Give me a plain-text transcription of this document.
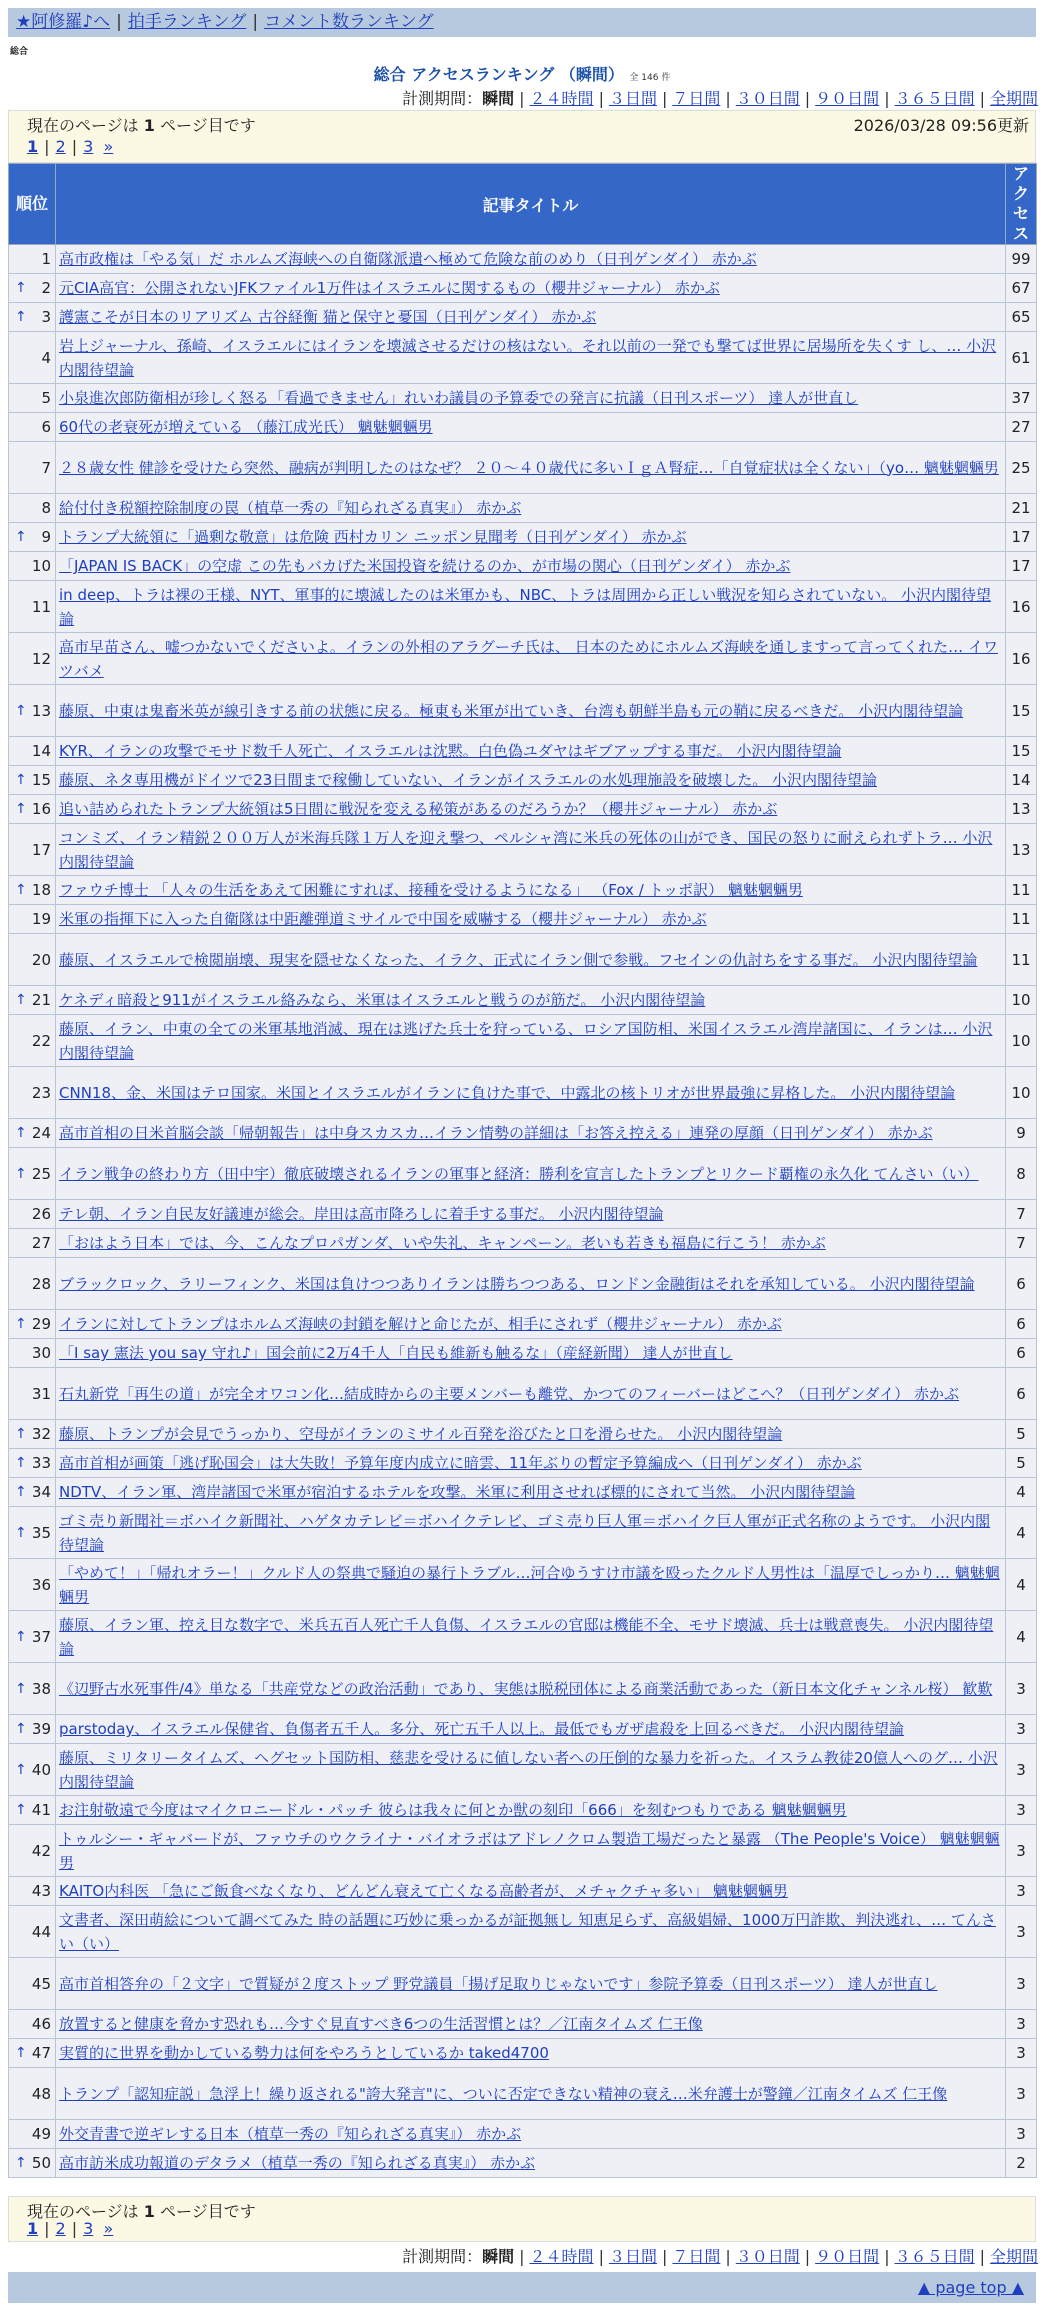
★阿修羅♪へ | 拍手ランキング | コメント数ランキング
総合
総合 アクセスランキング （瞬間） 全 146 件
計測期間：瞬間 | ２４時間 | ３日間 | ７日間 | ３０日間 | ９０日間 | ３６５日間 | 全期間
現在のページは 1 ページ目です	2026/03/28 09:56更新
1 | 2 | 3 »
順位	記事タイトル	アクセス
1	高市政権は「やる気」だ ホルムズ海峡への自衛隊派遣へ極めて危険な前のめり（日刊ゲンダイ） 赤かぶ	99

↑ 2	元CIA高官：公開されないJFKファイル1万件はイスラエルに関するもの（櫻井ジャーナル） 赤かぶ	67

↑ 3	護憲こそが日本のリアリズム 古谷経衡 猫と保守と憂国（日刊ゲンダイ） 赤かぶ	65
4	岩上ジャーナル、孫崎、イスラエルにはイランを壊滅させるだけの核はない。それ以前の一発でも撃てば世界に居場所を失くす し、… 小沢内閣待望論	61
5	小泉進次郎防衛相が珍しく怒る「看過できません」れいわ議員の予算委での発言に抗議（日刊スポーツ） 達人が世直し	37
6	60代の老衰死が増えている （藤江成光氏） 魑魅魍魎男	27
7	２８歳女性 健診を受けたら突然、融病が判明したのはなぜ？ ２０～４０歳代に多いＩｇＡ腎症…「自覚症状は全くない」（yo… 魑魅魍魎男	25
8	給付付き税額控除制度の罠（植草一秀の『知られざる真実』） 赤かぶ	21

↑ 9	トランプ大統領に「過剰な敬意」は危険 西村カリン ニッポン見聞考（日刊ゲンダイ） 赤かぶ	17
10	「JAPAN IS BACK」の空虚 この先もバカげた米国投資を続けるのか、が市場の関心（日刊ゲンダイ） 赤かぶ	17
11	in deep、トラは裸の王様、NYT、軍事的に壊滅したのは米軍かも、NBC、トラは周囲から正しい戦況を知らされていない。 小沢内閣待望論	16
12	高市早苗さん、嘘つかないでくださいよ。イランの外相のアラグーチ氏は、 日本のためにホルムズ海峡を通しますって言ってくれた… イワツバメ	16

↑ 13	藤原、中東は鬼畜米英が線引きする前の状態に戻る。極東も米軍が出ていき、台湾も朝鮮半島も元の鞘に戻るべきだ。 小沢内閣待望論	15
14	KYR、イランの攻撃でモサド数千人死亡、イスラエルは沈黙。白色偽ユダヤはギブアップする事だ。 小沢内閣待望論	15

↑ 15	藤原、ネタ専用機がドイツで23日間まで稼働していない、イランがイスラエルの水処理施設を破壊した。 小沢内閣待望論	14

↑ 16	追い詰められたトランプ大統領は5日間に戦況を変える秘策があるのだろうか？（櫻井ジャーナル） 赤かぶ	13
17	コンミズ、イラン精鋭２００万人が米海兵隊１万人を迎え撃つ、ペルシャ湾に米兵の死体の山ができ、国民の怒りに耐えられずトラ… 小沢内閣待望論	13

↑ 18	ファウチ博士 「人々の生活をあえて困難にすれば、接種を受けるようになる」 （Fox / トッポ訳） 魑魅魍魎男	11
19	米軍の指揮下に入った自衛隊は中距離弾道ミサイルで中国を威嚇する（櫻井ジャーナル） 赤かぶ	11
20	藤原、イスラエルで検閲崩壊、現実を隠せなくなった、イラク、正式にイラン側で参戦。フセインの仇討ちをする事だ。 小沢内閣待望論	11

↑ 21	ケネディ暗殺と911がイスラエル絡みなら、米軍はイスラエルと戦うのが筋だ。 小沢内閣待望論	10
22	藤原、イラン、中東の全ての米軍基地消滅、現在は逃げた兵士を狩っている、ロシア国防相、米国イスラエル湾岸諸国に、イランは… 小沢内閣待望論	10
23	CNN18、金、米国はテロ国家。米国とイスラエルがイランに負けた事で、中露北の核トリオが世界最強に昇格した。 小沢内閣待望論	10

↑ 24	高市首相の日米首脳会談「帰朝報告」は中身スカスカ…イラン情勢の詳細は「お答え控える」連発の厚顔（日刊ゲンダイ） 赤かぶ	9

↑ 25	イラン戦争の終わり方（田中宇）徹底破壊されるイランの軍事と経済：勝利を宣言したトランプとリクード覇権の永久化 てんさい（い）	8
26	テレ朝、イラン自民友好議連が総会。岸田は高市降ろしに着手する事だ。 小沢内閣待望論	7
27	「おはよう日本」では、今、こんなプロパガンダ、いや失礼、キャンペーン。老いも若きも福島に行こう！ 赤かぶ	7
28	ブラックロック、ラリーフィンク、米国は負けつつありイランは勝ちつつある、ロンドン金融街はそれを承知している。 小沢内閣待望論	6

↑ 29	イランに対してトランプはホルムズ海峡の封鎖を解けと命じたが、相手にされず（櫻井ジャーナル） 赤かぶ	6
30	「I say 憲法 you say 守れ♪」国会前に2万4千人「自民も維新も触るな」（産経新聞） 達人が世直し	6
31	石丸新党「再生の道」が完全オワコン化…結成時からの主要メンバーも離党、かつてのフィーバーはどこへ？（日刊ゲンダイ） 赤かぶ	6

↑ 32	藤原、トランプが会見でうっかり、空母がイランのミサイル百発を浴びたと口を滑らせた。 小沢内閣待望論	5

↑ 33	高市首相が画策「逃げ恥国会」は大失敗！予算年度内成立に暗雲、11年ぶりの暫定予算編成へ（日刊ゲンダイ） 赤かぶ	5

↑ 34	NDTV、イラン軍、湾岸諸国で米軍が宿泊するホテルを攻撃。米軍に利用させれば標的にされて当然。 小沢内閣待望論	4

↑ 35	ゴミ売り新聞社＝ボハイク新聞社、ハゲタカテレビ＝ボハイクテレビ、ゴミ売り巨人軍＝ボハイク巨人軍が正式名称のようです。 小沢内閣待望論	4
36	「やめて！」「帰れオラー！」クルド人の祭典で騒迫の暴行トラブル…河合ゆうすけ市議を殴ったクルド人男性は「温厚でしっかり… 魑魅魍魎男	4

↑ 37	藤原、イラン軍、控え目な数字で、米兵五百人死亡千人負傷、イスラエルの官邸は機能不全、モサド壊滅、兵士は戦意喪失。 小沢内閣待望論	4

↑ 38	《辺野古水死事件/4》単なる「共産党などの政治活動」であり、実態は脱税団体による商業活動であった（新日本文化チャンネル桜） 歓歎	3

↑ 39	parstoday、イスラエル保健省、負傷者五千人。多分、死亡五千人以上。最低でもガザ虐殺を上回るべきだ。 小沢内閣待望論	3

↑ 40	藤原、ミリタリータイムズ、ヘグセット国防相、慈悲を受けるに値しない者への圧倒的な暴力を祈った。イスラム教徒20億人へのグ… 小沢内閣待望論	3

↑ 41	お注射敬遠で今度はマイクロニードル・パッチ 彼らは我々に何とか獣の刻印「666」を刻むつもりである 魑魅魍魎男	3
42	トゥルシー・ギャバードが、ファウチのウクライナ・バイオラボはアドレノクロム製造工場だったと暴露 （The People's Voice） 魑魅魍魎男	3
43	KAITO内科医 「急にご飯食べなくなり、どんどん衰えて亡くなる高齢者が、メチャクチャ多い」 魑魅魍魎男	3
44	文書者、深田萌絵について調べてみた 時の話題に巧妙に乗っかるが証拠無し 知恵足らず、高級娼婦、1000万円詐欺、判決逃れ、… てんさい（い）	3
45	高市首相答弁の「２文字」で質疑が２度ストップ 野党議員「揚げ足取りじゃないです」参院予算委（日刊スポーツ） 達人が世直し	3
46	放置すると健康を脅かす恐れも…今すぐ見直すべき6つの生活習慣とは？／江南タイムズ 仁王像	3

↑ 47	実質的に世界を動かしている勢力は何をやろうとしているか taked4700	3
48	トランプ「認知症説」急浮上！繰り返される"誇大発言"に、ついに否定できない精神の衰え…米弁護士が警鐘／江南タイムズ 仁王像	3
49	外交青書で逆ギレする日本（植草一秀の『知られざる真実』） 赤かぶ	3

↑ 50	高市訪米成功報道のデタラメ（植草一秀の『知られざる真実』） 赤かぶ	2
現在のページは 1 ページ目です
1 | 2 | 3 »
計測期間：瞬間 | ２４時間 | ３日間 | ７日間 | ３０日間 | ９０日間 | ３６５日間 | 全期間
▲ page top ▲
